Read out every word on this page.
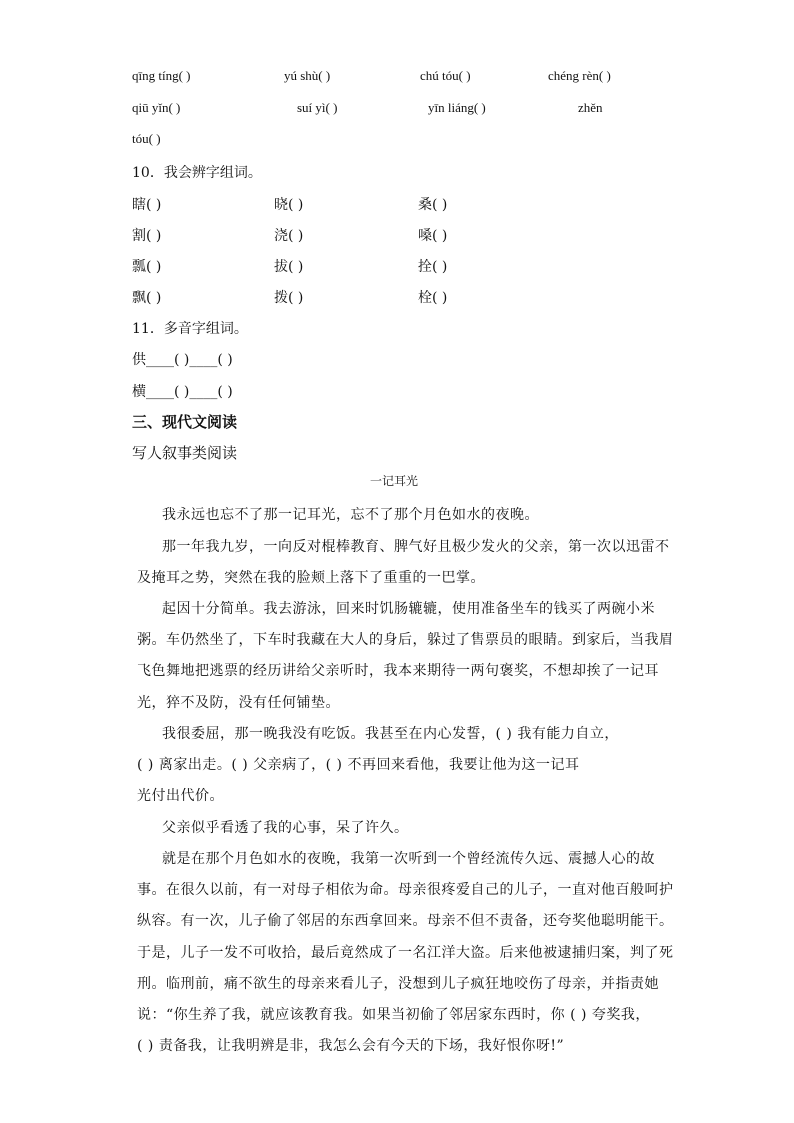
qīng tíng( )	yú shù( )	chú tóu( )	chéng rèn( )
qiū yǐn( )	suí yì( )	yīn liáng( )	zhěn
tóu( )
10．我会辨字组词。
瞎( )	晓( )	桑( )
割( )	浇( )	嗓( )
瓢( )	拔( )	拴( )
飘( )	拨( )	栓( )
11．多音字组词。
供____( )____( )
横____( )____( )
三、现代文阅读
写人叙事类阅读
一记耳光
我永远也忘不了那一记耳光，忘不了那个月色如水的夜晚。
那一年我九岁，一向反对棍棒教育、脾气好且极少发火的父亲，第一次以迅雷不
及掩耳之势，突然在我的脸颊上落下了重重的一巴掌。
起因十分简单。我去游泳，回来时饥肠辘辘，使用准备坐车的钱买了两碗小米
粥。车仍然坐了，下车时我藏在大人的身后，躲过了售票员的眼睛。到家后，当我眉
飞色舞地把逃票的经历讲给父亲听时，我本来期待一两句褒奖，不想却挨了一记耳
光，猝不及防，没有任何铺垫。
我很委屈，那一晚我没有吃饭。我甚至在内心发誓，( ) 我有能力自立，
( ) 离家出走。( ) 父亲病了，( ) 不再回来看他，我要让他为这一记耳
光付出代价。
父亲似乎看透了我的心事，呆了许久。
就是在那个月色如水的夜晚，我第一次听到一个曾经流传久远、震撼人心的故
事。在很久以前，有一对母子相依为命。母亲很疼爱自己的儿子，一直对他百般呵护
纵容。有一次，儿子偷了邻居的东西拿回来。母亲不但不责备，还夸奖他聪明能干。
于是，儿子一发不可收拾，最后竟然成了一名江洋大盗。后来他被逮捕归案，判了死
刑。临刑前，痛不欲生的母亲来看儿子，没想到儿子疯狂地咬伤了母亲，并指责她
说：“你生养了我，就应该教育我。如果当初偷了邻居家东西时，你 ( ) 夸奖我，
( ) 责备我，让我明辨是非，我怎么会有今天的下场，我好恨你呀!”
